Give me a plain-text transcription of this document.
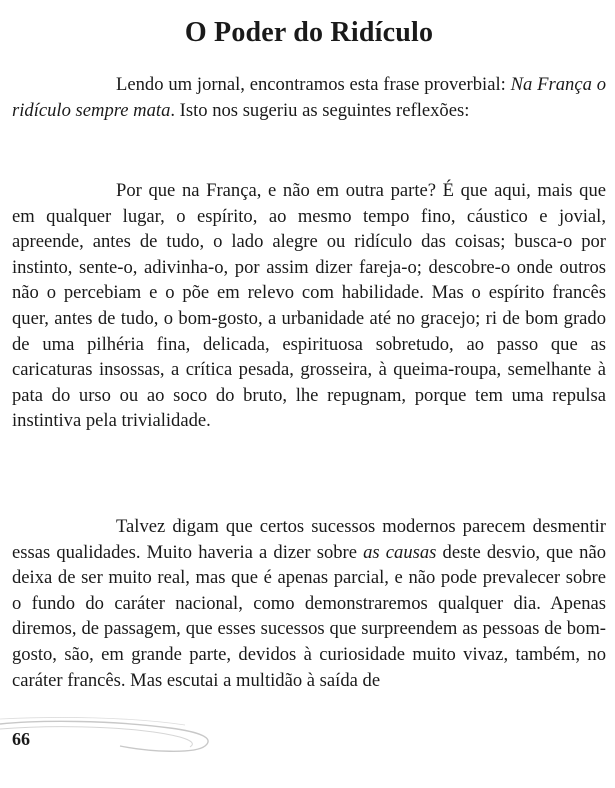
O Poder do Ridículo

Lendo um jornal, encontramos esta frase proverbial: Na França o ridículo sempre mata. Isto nos sugeriu as seguintes reflexões:

Por que na França, e não em outra parte? É que aqui, mais que em qualquer lugar, o espírito, ao mesmo tempo fino, cáustico e jovial, apreende, antes de tudo, o lado alegre ou ridículo das coisas; busca-o por instinto, sente-o, adivinha-o, por assim dizer fareja-o; descobre-o onde outros não o percebiam e o põe em relevo com habilidade. Mas o espírito francês quer, antes de tudo, o bom-gosto, a urbanidade até no gracejo; ri de bom grado de uma pilhéria fina, delicada, espirituosa sobretudo, ao passo que as caricaturas insossas, a crítica pesada, grosseira, à queima-roupa, semelhante à pata do urso ou ao soco do bruto, lhe repugnam, porque tem uma repulsa instintiva pela trivialidade.

Talvez digam que certos sucessos modernos parecem desmentir essas qualidades. Muito haveria a dizer sobre as causas deste desvio, que não deixa de ser muito real, mas que é apenas parcial, e não pode prevalecer sobre o fundo do caráter nacional, como demonstraremos qualquer dia. Apenas diremos, de passagem, que esses sucessos que surpreendem as pessoas de bom-gosto, são, em grande parte, devidos à curiosidade muito vivaz, também, no caráter francês. Mas escutai a multidão à saída de

66
